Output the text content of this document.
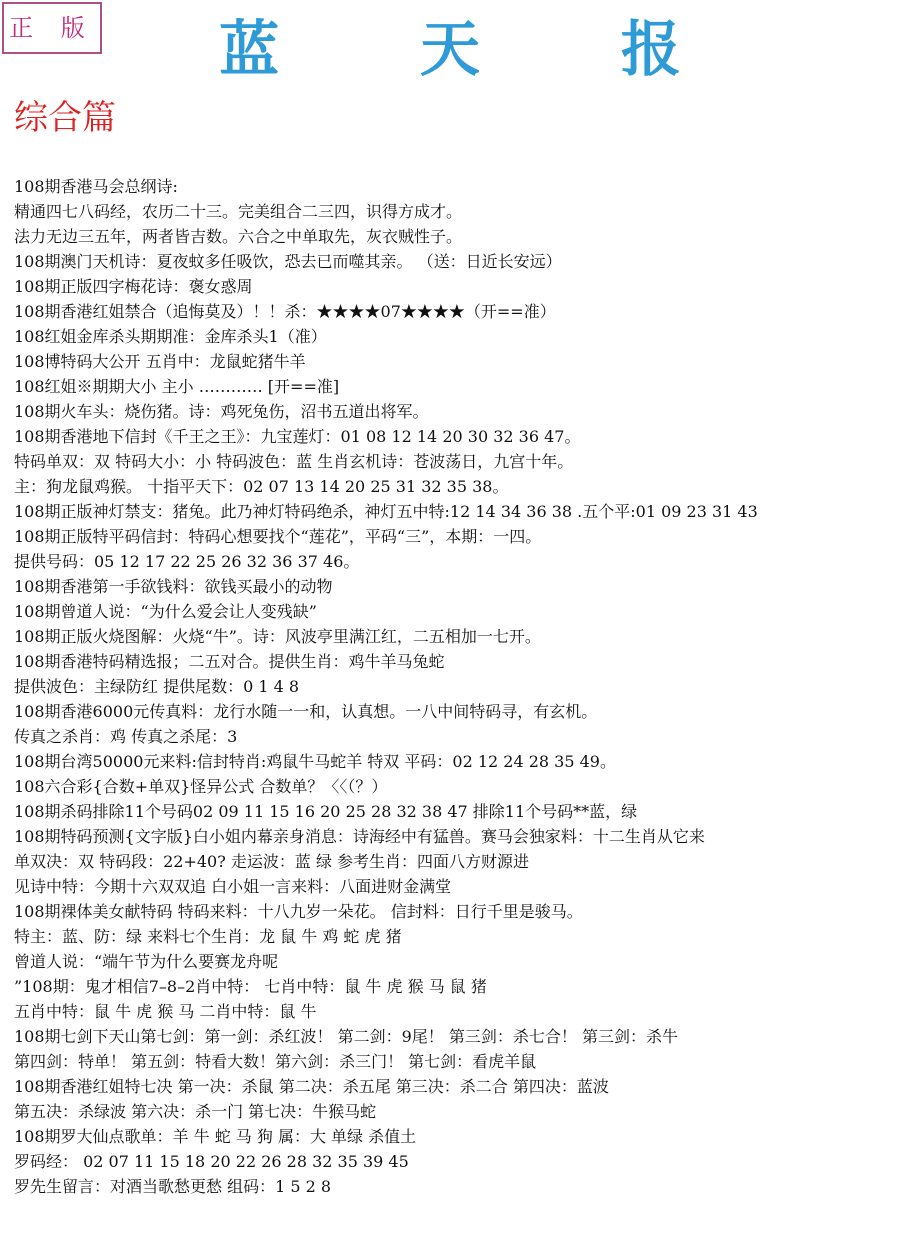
正 版	蓝 天 报
综合篇
108期香港马会总纲诗:
精通四七八码经，农历二十三。完美组合二三四，识得方成才。
法力无边三五年，两者皆吉数。六合之中单取先，灰衣贼性子。
108期澳门天机诗：夏夜蚊多任吸饮，恐去已而噬其亲。 （送：日近长安远）
108期正版四字梅花诗：褒女惑周
108期香港红姐禁合（追悔莫及）！！杀：★★★★07★★★★（开==准）
108红姐金库杀头期期准：金库杀头1（准）
108博特码大公开 五肖中：龙鼠蛇猪牛羊
108红姐※期期大小 主小 ………… [开==准]
108期火车头：烧伤猪。诗：鸡死兔伤，沼书五道出将军。
108期香港地下信封《千王之王》：九宝莲灯：01 08 12 14 20 30 32 36 47。
特码单双：双 特码大小：小 特码波色：蓝 生肖玄机诗：苍波荡日，九宫十年。
主：狗龙鼠鸡猴。 十指平天下：02 07 13 14 20 25 31 32 35 38。
108期正版神灯禁支：猪兔。此乃神灯特码绝杀，神灯五中特:12 14 34 36 38 .五个平:01 09 23 31 43
108期正版特平码信封：特码心想要找个“莲花”，平码“三”，本期：一四。
提供号码：05 12 17 22 25 26 32 36 37 46。
108期香港第一手欲钱料：欲钱买最小的动物
108期曾道人说：“为什么爱会让人变残缺”
108期正版火烧图解：火烧“牛”。诗：风波亭里满江红，二五相加一七开。
108期香港特码精选报；二五对合。提供生肖：鸡牛羊马兔蛇
提供波色：主绿防红 提供尾数：0 1 4 8
108期香港6000元传真料：龙行水随一一和，认真想。一八中间特码寻，有玄机。
传真之杀肖：鸡 传真之杀尾：3
108期台湾50000元来料:信封特肖:鸡鼠牛马蛇羊 特双 平码：02 12 24 28 35 49。
108六合彩{合数+单双}怪异公式 合数单？〈〈（？）
108期杀码排除11个号码02 09 11 15 16 20 25 28 32 38 47 排除11个号码**蓝，绿
108期特码预测{文字版}白小姐内幕亲身消息：诗海经中有猛兽。赛马会独家料：十二生肖从它来
单双决：双 特码段：22+40? 走运波：蓝 绿 参考生肖：四面八方财源进
见诗中特：今期十六双双追 白小姐一言来料：八面进财金满堂
108期裸体美女献特码 特码来料：十八九岁一朵花。 信封料：日行千里是骏马。
特主：蓝、防：绿 来料七个生肖：龙 鼠 牛 鸡 蛇 虎 猪
曾道人说：“端午节为什么要赛龙舟呢
”108期：鬼才相信7–8–2肖中特： 七肖中特：鼠 牛 虎 猴 马 鼠 猪
五肖中特：鼠 牛 虎 猴 马 二肖中特：鼠 牛
108期七剑下天山第七剑：第一剑：杀红波！ 第二剑：9尾！ 第三剑：杀七合！ 第三剑：杀牛
第四剑：特单！ 第五剑：特看大数！第六剑：杀三门！ 第七剑：看虎羊鼠
108期香港红姐特七决 第一决：杀鼠 第二决：杀五尾 第三决：杀二合 第四决：蓝波
第五决：杀绿波 第六决：杀一门 第七决：牛猴马蛇
108期罗大仙点歌单：羊 牛 蛇 马 狗 属：大 单绿 杀值土
罗码经： 02 07 11 15 18 20 22 26 28 32 35 39 45
罗先生留言：对酒当歌愁更愁 组码：1 5 2 8
